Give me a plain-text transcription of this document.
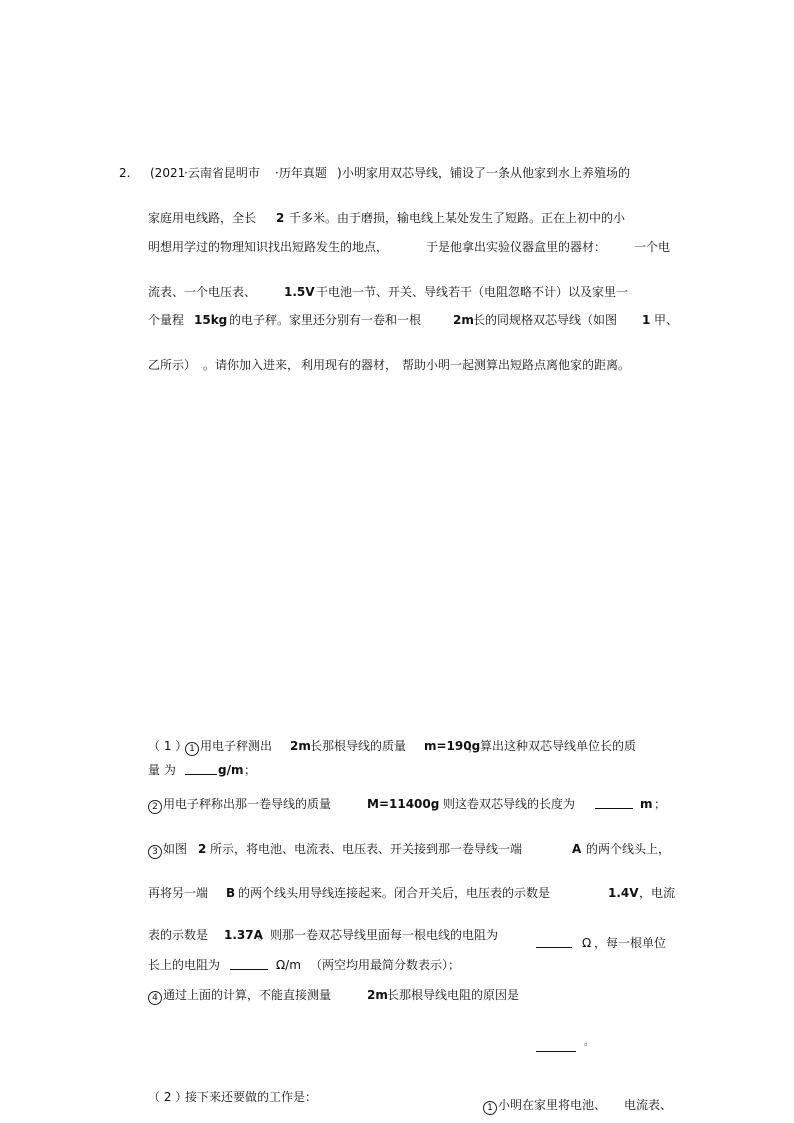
2. (2021
·云南省昆明市 ·历年真题 ) 小明家用双芯导线，铺设了一条从他家到水上养殖场的
家庭用电线路，全长 2 千多米。由于磨损，输电线上某处发生了短路。正在上初中的小
明想用学过的物理知识找出短路发生的地点，	于是他拿出实验仪器盒里的器材： 一个电
流表、一个电压表、 1.5V 干电池一节、开关、导线若干（电阻忽略不计）以及家里一
个量程 15kg 的电子秤。家里还分别有一卷和一根	2m 长的同规格双芯导线（如图 1 甲、
乙所示） 。请你加入进来， 利用现有的器材， 帮助小明一起测算出短路点离他家的距离。
（ 1 ） 1 用电子秤测出 2m 长那根导线的质量 m=190g
，算出这种双芯导线单位长的质
量 为	g/m ；
2 用电子秤称出那一卷导线的质量	M=11400g
，则这卷双芯导线的长度为	m ；
3 如图 2 所示，将电池、电流表、电压表、开关接到那一卷导线一端	A 的两个线头上，
再将另一端 B 的两个线头用导线连接起来。闭合开关后，电压表的示数是	1.4V ，电流
表的示数是 1.37A
。则那一卷双芯导线里面每一根电线的电阻为
Ω ，每一根单位
长上的电阻为	Ω/m （两空均用最简分数表示）；
4 通过上面的计算，不能直接测量	2m 长那根导线电阻的原因是
。
（ 2 ）
接下来还要做的工作是：
1 小明在家里将电池、 电流表、
